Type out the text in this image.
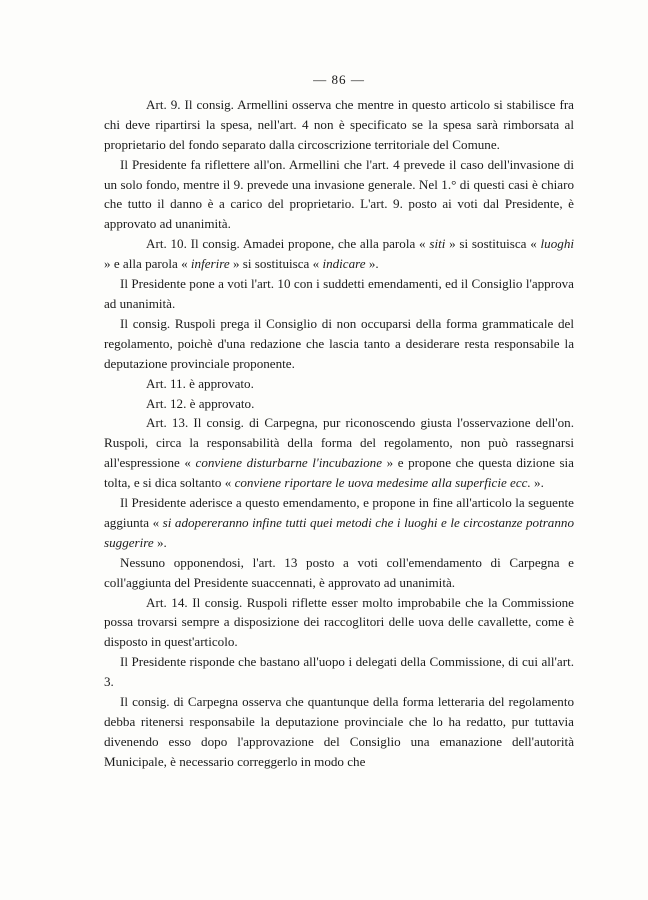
— 86 —

Art. 9. Il consig. Armellini osserva che mentre in questo articolo si stabilisce fra chi deve ripartirsi la spesa, nell'art. 4 non è specificato se la spesa sarà rimborsata al proprietario del fondo separato dalla circoscrizione territoriale del Comune.

Il Presidente fa riflettere all'on. Armellini che l'art. 4 prevede il caso dell'invasione di un solo fondo, mentre il 9. prevede una invasione generale. Nel 1.° di questi casi è chiaro che tutto il danno è a carico del proprietario. L'art. 9. posto ai voti dal Presidente, è approvato ad unanimità.

Art. 10. Il consig. Amadei propone, che alla parola « siti » si sostituisca « luoghi » e alla parola « inferire » si sostituisca « indicare ».

Il Presidente pone a voti l'art. 10 con i suddetti emendamenti, ed il Consiglio l'approva ad unanimità.

Il consig. Ruspoli prega il Consiglio di non occuparsi della forma grammaticale del regolamento, poichè d'una redazione che lascia tanto a desiderare resta responsabile la deputazione provinciale proponente.

Art. 11. è approvato.

Art. 12. è approvato.

Art. 13. Il consig. di Carpegna, pur riconoscendo giusta l'osservazione dell'on. Ruspoli, circa la responsabilità della forma del regolamento, non può rassegnarsi all'espressione « conviene disturbarne l'incubazione » e propone che questa dizione sia tolta, e si dica soltanto « conviene riportare le uova medesime alla superficie ecc. ».

Il Presidente aderisce a questo emendamento, e propone in fine all'articolo la seguente aggiunta « si adopereranno infine tutti quei metodi che i luoghi e le circostanze potranno suggerire ».

Nessuno opponendosi, l'art. 13 posto a voti coll'emendamento di Carpegna e coll'aggiunta del Presidente suaccennati, è approvato ad unanimità.

Art. 14. Il consig. Ruspoli riflette esser molto improbabile che la Commissione possa trovarsi sempre a disposizione dei raccoglitori delle uova delle cavallette, come è disposto in quest'articolo.

Il Presidente risponde che bastano all'uopo i delegati della Commissione, di cui all'art. 3.

Il consig. di Carpegna osserva che quantunque della forma letteraria del regolamento debba ritenersi responsabile la deputazione provinciale che lo ha redatto, pur tuttavia divenendo esso dopo l'approvazione del Consiglio una emanazione dell'autorità Municipale, è necessario correggerlo in modo che
